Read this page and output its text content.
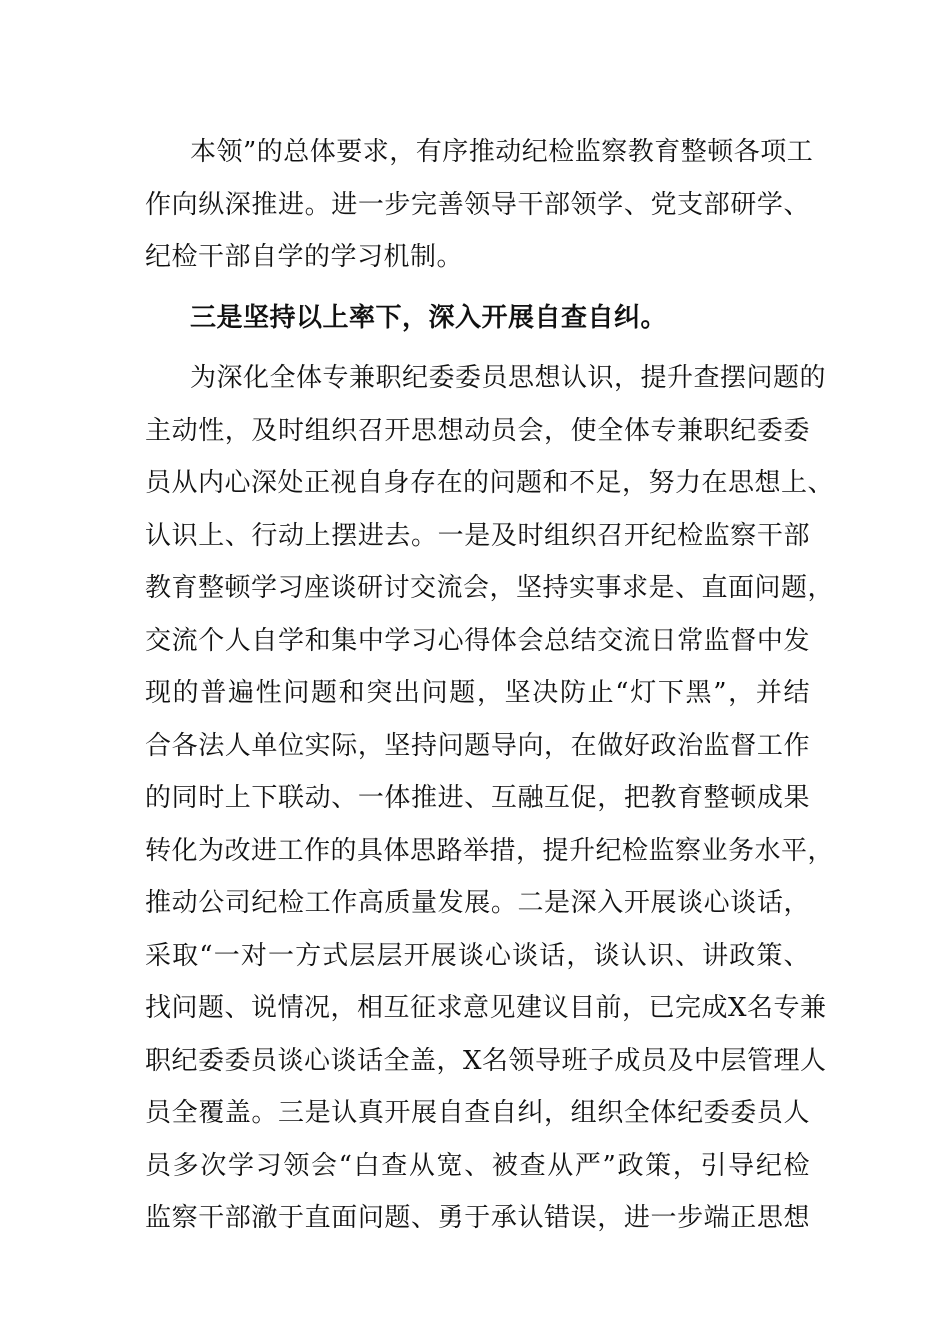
本领”的总体要求，有序推动纪检监察教育整顿各项工
作向纵深推进。进一步完善领导干部领学、党支部研学、
纪检干部自学的学习机制。
三是坚持以上率下，深入开展自查自纠。
为深化全体专兼职纪委委员思想认识，提升查摆问题的
主动性，及时组织召开思想动员会，使全体专兼职纪委委
员从内心深处正视自身存在的问题和不足，努力在思想上、
认识上、行动上摆进去。一是及时组织召开纪检监察干部
教育整顿学习座谈研讨交流会，坚持实事求是、直面问题，
交流个人自学和集中学习心得体会总结交流日常监督中发
现的普遍性问题和突出问题，坚决防止“灯下黑”，并结
合各法人单位实际，坚持问题导向，在做好政治监督工作
的同时上下联动、一体推进、互融互促，把教育整顿成果
转化为改进工作的具体思路举措，提升纪检监察业务水平，
推动公司纪检工作高质量发展。二是深入开展谈心谈话，
采取“一对一方式层层开展谈心谈话，谈认识、讲政策、
找问题、说情况，相互征求意见建议目前，已完成X名专兼
职纪委委员谈心谈话全盖，X名领导班子成员及中层管理人
员全覆盖。三是认真开展自查自纠，组织全体纪委委员人
员多次学习领会“白查从宽、被查从严”政策，引导纪检
监察干部澈于直面问题、勇于承认错误，进一步端正思想
